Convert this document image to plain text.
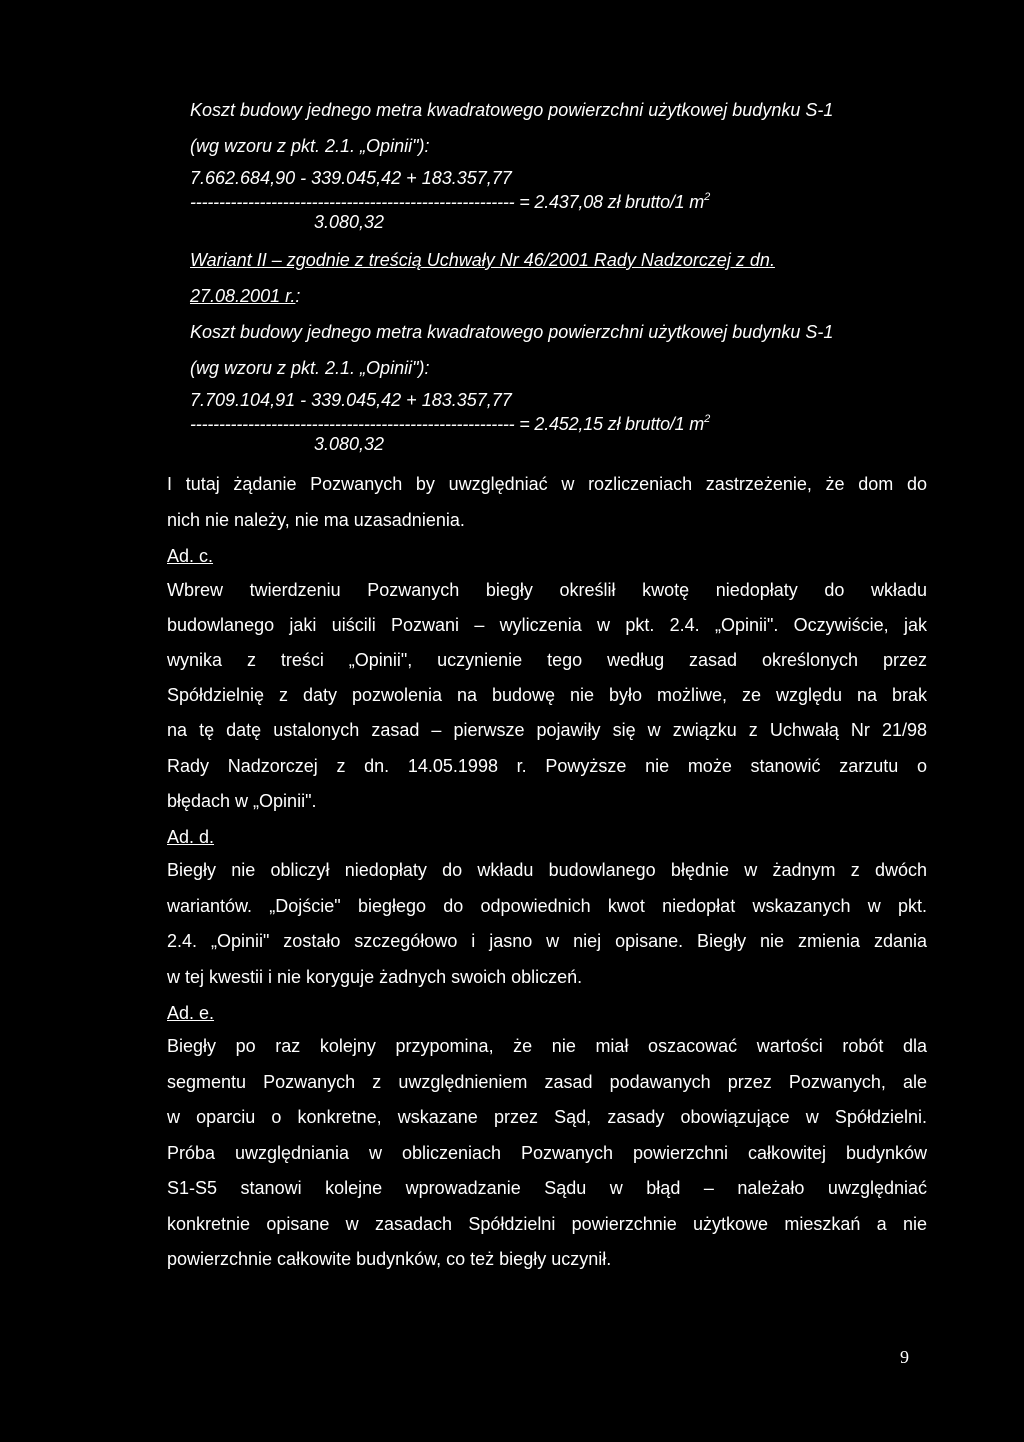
Koszt budowy jednego metra kwadratowego powierzchni użytkowej budynku S-1
(wg wzoru z pkt. 2.1. „Opinii"):
7.662.684,90 - 339.045,42 + 183.357,77
-------------------------------------------------------- = 2.437,08 zł brutto/1 $m^2$
3.080,32
Wariant II – zgodnie z treścią Uchwały Nr 46/2001 Rady Nadzorczej z dn.
27.08.2001 r.:
Koszt budowy jednego metra kwadratowego powierzchni użytkowej budynku S-1
(wg wzoru z pkt. 2.1. „Opinii"):
7.709.104,91 - 339.045,42 + 183.357,77
-------------------------------------------------------- = 2.452,15 zł brutto/1 $m^2$
3.080,32
I tutaj żądanie Pozwanych by uwzględniać w rozliczeniach zastrzeżenie, że dom do
nich nie należy, nie ma uzasadnienia.
Ad. c.
Wbrew twierdzeniu Pozwanych biegły określił kwotę niedopłaty do wkładu
budowlanego jaki uiścili Pozwani – wyliczenia w pkt. 2.4. „Opinii". Oczywiście, jak
wynika z treści „Opinii", uczynienie tego według zasad określonych przez
Spółdzielnię z daty pozwolenia na budowę nie było możliwe, ze względu na brak
na tę datę ustalonych zasad – pierwsze pojawiły się w związku z Uchwałą Nr 21/98
Rady Nadzorczej z dn. 14.05.1998 r. Powyższe nie może stanowić zarzutu o
błędach w „Opinii".
Ad. d.
Biegły nie obliczył niedopłaty do wkładu budowlanego błędnie w żadnym z dwóch
wariantów. „Dojście" biegłego do odpowiednich kwot niedopłat wskazanych w pkt.
2.4. „Opinii" zostało szczegółowo i jasno w niej opisane. Biegły nie zmienia zdania
w tej kwestii i nie koryguje żadnych swoich obliczeń.
Ad. e.
Biegły po raz kolejny przypomina, że nie miał oszacować wartości robót dla
segmentu Pozwanych z uwzględnieniem zasad podawanych przez Pozwanych, ale
w oparciu o konkretne, wskazane przez Sąd, zasady obowiązujące w Spółdzielni.
Próba uwzględniania w obliczeniach Pozwanych powierzchni całkowitej budynków
S1-S5 stanowi kolejne wprowadzanie Sądu w błąd – należało uwzględniać
konkretnie opisane w zasadach Spółdzielni powierzchnie użytkowe mieszkań a nie
powierzchnie całkowite budynków, co też biegły uczynił.
9
